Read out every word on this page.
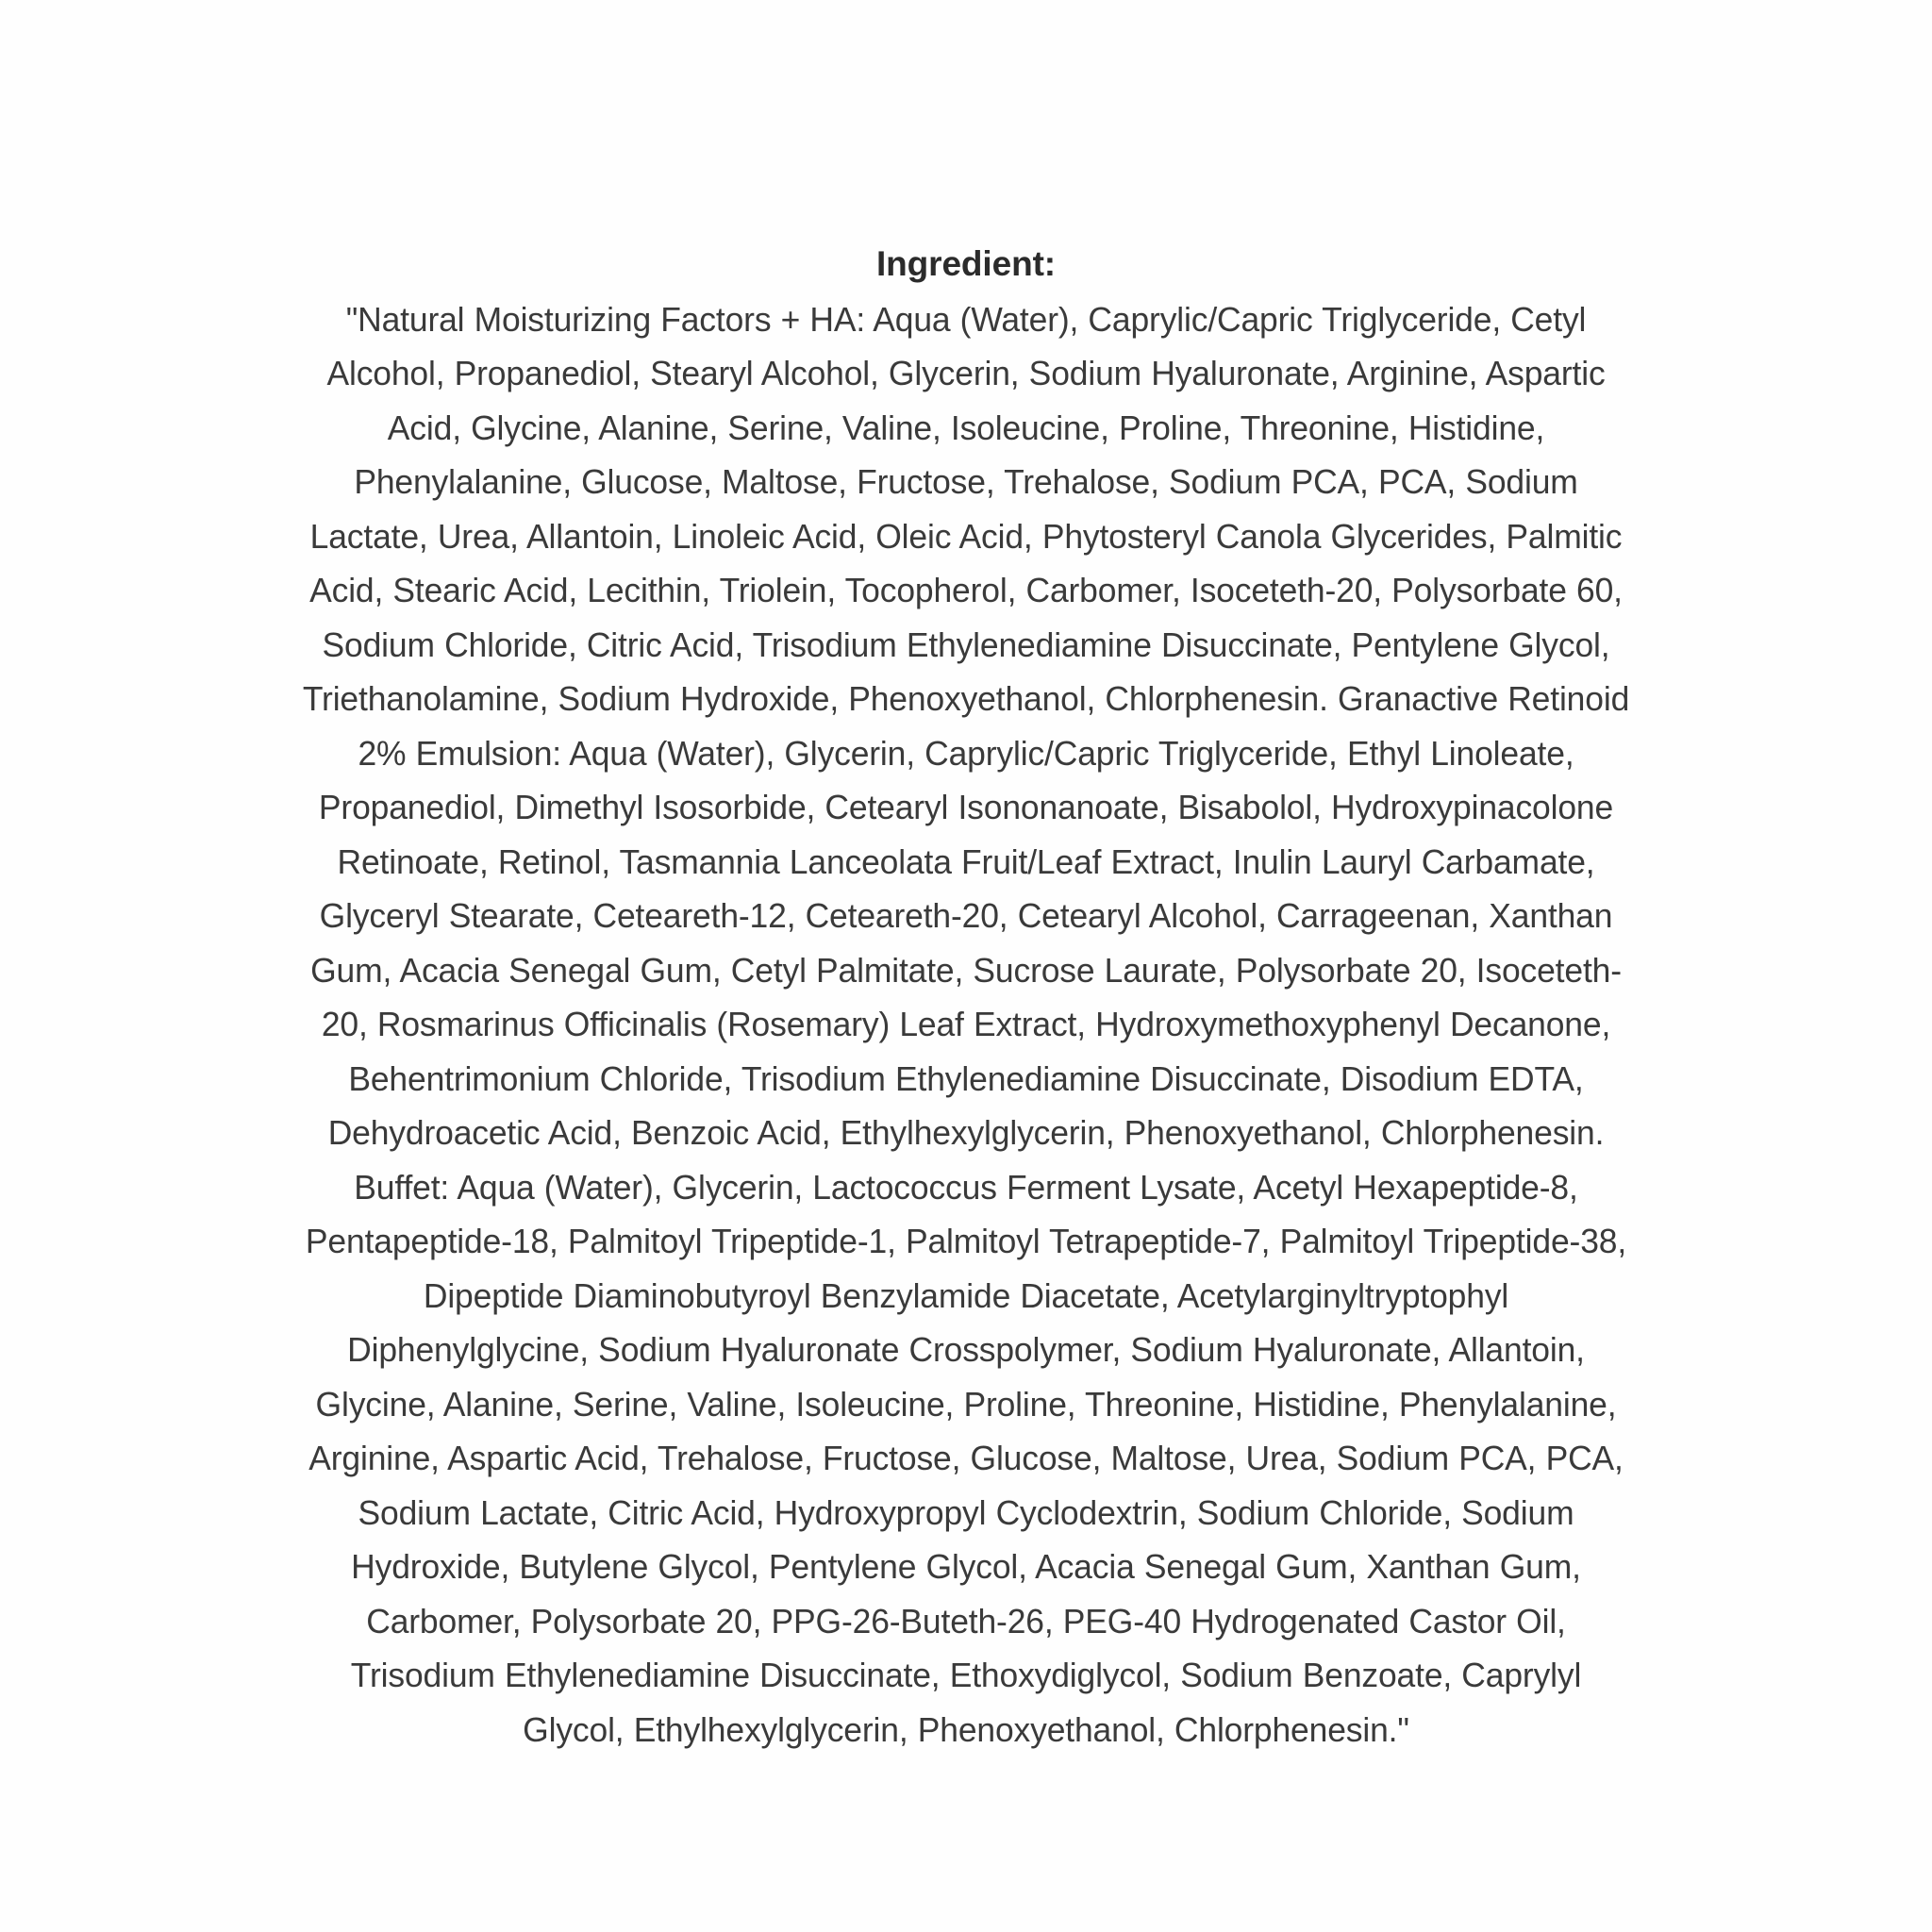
Ingredient:
"Natural Moisturizing Factors + HA: Aqua (Water), Caprylic/Capric Triglyceride, Cetyl Alcohol, Propanediol, Stearyl Alcohol, Glycerin, Sodium Hyaluronate, Arginine, Aspartic Acid, Glycine, Alanine, Serine, Valine, Isoleucine, Proline, Threonine, Histidine, Phenylalanine, Glucose, Maltose, Fructose, Trehalose, Sodium PCA, PCA, Sodium Lactate, Urea, Allantoin, Linoleic Acid, Oleic Acid, Phytosteryl Canola Glycerides, Palmitic Acid, Stearic Acid, Lecithin, Triolein, Tocopherol, Carbomer, Isoceteth-20, Polysorbate 60, Sodium Chloride, Citric Acid, Trisodium Ethylenediamine Disuccinate, Pentylene Glycol, Triethanolamine, Sodium Hydroxide, Phenoxyethanol, Chlorphenesin. Granactive Retinoid 2% Emulsion: Aqua (Water), Glycerin, Caprylic/Capric Triglyceride, Ethyl Linoleate, Propanediol, Dimethyl Isosorbide, Cetearyl Isononanoate, Bisabolol, Hydroxypinacolone Retinoate, Retinol, Tasmannia Lanceolata Fruit/Leaf Extract, Inulin Lauryl Carbamate, Glyceryl Stearate, Ceteareth-12, Ceteareth-20, Cetearyl Alcohol, Carrageenan, Xanthan Gum, Acacia Senegal Gum, Cetyl Palmitate, Sucrose Laurate, Polysorbate 20, Isoceteth-20, Rosmarinus Officinalis (Rosemary) Leaf Extract, Hydroxymethoxyphenyl Decanone, Behentrimonium Chloride, Trisodium Ethylenediamine Disuccinate, Disodium EDTA, Dehydroacetic Acid, Benzoic Acid, Ethylhexylglycerin, Phenoxyethanol, Chlorphenesin. Buffet: Aqua (Water), Glycerin, Lactococcus Ferment Lysate, Acetyl Hexapeptide-8, Pentapeptide-18, Palmitoyl Tripeptide-1, Palmitoyl Tetrapeptide-7, Palmitoyl Tripeptide-38, Dipeptide Diaminobutyroyl Benzylamide Diacetate, Acetylarginyltryptophyl Diphenylglycine, Sodium Hyaluronate Crosspolymer, Sodium Hyaluronate, Allantoin, Glycine, Alanine, Serine, Valine, Isoleucine, Proline, Threonine, Histidine, Phenylalanine, Arginine, Aspartic Acid, Trehalose, Fructose, Glucose, Maltose, Urea, Sodium PCA, PCA, Sodium Lactate, Citric Acid, Hydroxypropyl Cyclodextrin, Sodium Chloride, Sodium Hydroxide, Butylene Glycol, Pentylene Glycol, Acacia Senegal Gum, Xanthan Gum, Carbomer, Polysorbate 20, PPG-26-Buteth-26, PEG-40 Hydrogenated Castor Oil, Trisodium Ethylenediamine Disuccinate, Ethoxydiglycol, Sodium Benzoate, Caprylyl Glycol, Ethylhexylglycerin, Phenoxyethanol, Chlorphenesin."
